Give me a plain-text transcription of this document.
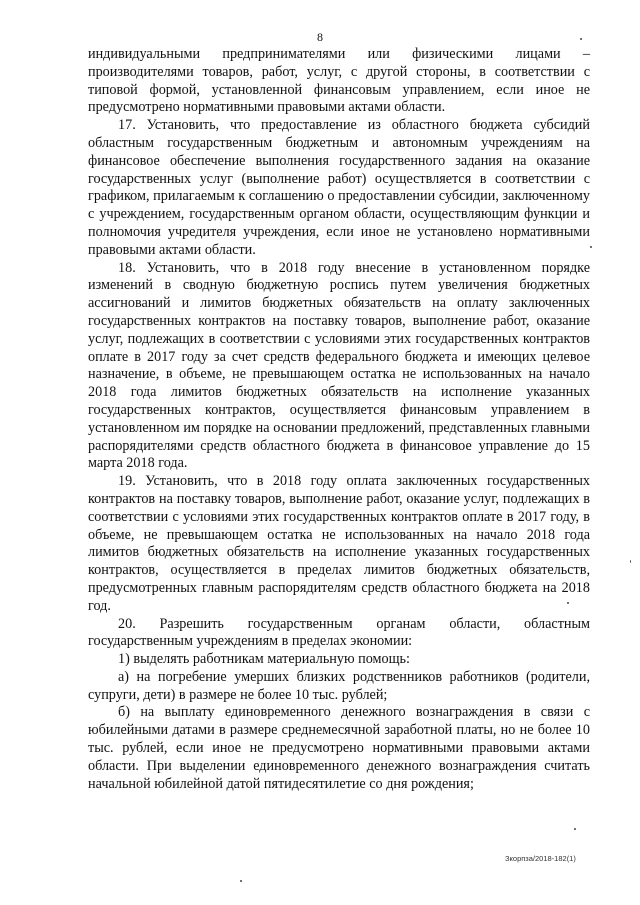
8

индивидуальными предпринимателями или физическими лицами – производителями товаров, работ, услуг, с другой стороны, в соответствии с типовой формой, установленной финансовым управлением, если иное не предусмотрено нормативными правовыми актами области.

17. Установить, что предоставление из областного бюджета субсидий областным государственным бюджетным и автономным учреждениям на финансовое обеспечение выполнения государственного задания на оказание государственных услуг (выполнение работ) осуществляется в соответствии с графиком, прилагаемым к соглашению о предоставлении субсидии, заключенному с учреждением, государственным органом области, осуществляющим функции и полномочия учредителя учреждения, если иное не установлено нормативными правовыми актами области.

18. Установить, что в 2018 году внесение в установленном порядке изменений в сводную бюджетную роспись путем увеличения бюджетных ассигнований и лимитов бюджетных обязательств на оплату заключенных государственных контрактов на поставку товаров, выполнение работ, оказание услуг, подлежащих в соответствии с условиями этих государственных контрактов оплате в 2017 году за счет средств федерального бюджета и имеющих целевое назначение, в объеме, не превышающем остатка не использованных на начало 2018 года лимитов бюджетных обязательств на исполнение указанных государственных контрактов, осуществляется финансовым управлением в установленном им порядке на основании предложений, представленных главными распорядителями средств областного бюджета в финансовое управление до 15 марта 2018 года.

19. Установить, что в 2018 году оплата заключенных государственных контрактов на поставку товаров, выполнение работ, оказание услуг, подлежащих в соответствии с условиями этих государственных контрактов оплате в 2017 году, в объеме, не превышающем остатка не использованных на начало 2018 года лимитов бюджетных обязательств на исполнение указанных государственных контрактов, осуществляется в пределах лимитов бюджетных обязательств, предусмотренных главным распорядителям средств областного бюджета на 2018 год.

20. Разрешить государственным органам области, областным государственным учреждениям в пределах экономии:

1) выделять работникам материальную помощь:

а) на погребение умерших близких родственников работников (родители, супруги, дети) в размере не более 10 тыс. рублей;

б) на выплату единовременного денежного вознаграждения в связи с юбилейными датами в размере среднемесячной заработной платы, но не более 10 тыс. рублей, если иное не предусмотрено нормативными правовыми актами области. При выделении единовременного денежного вознаграждения считать начальной юбилейной датой пятидесятилетие со дня рождения;

Зкорпза/2018-182(1)
